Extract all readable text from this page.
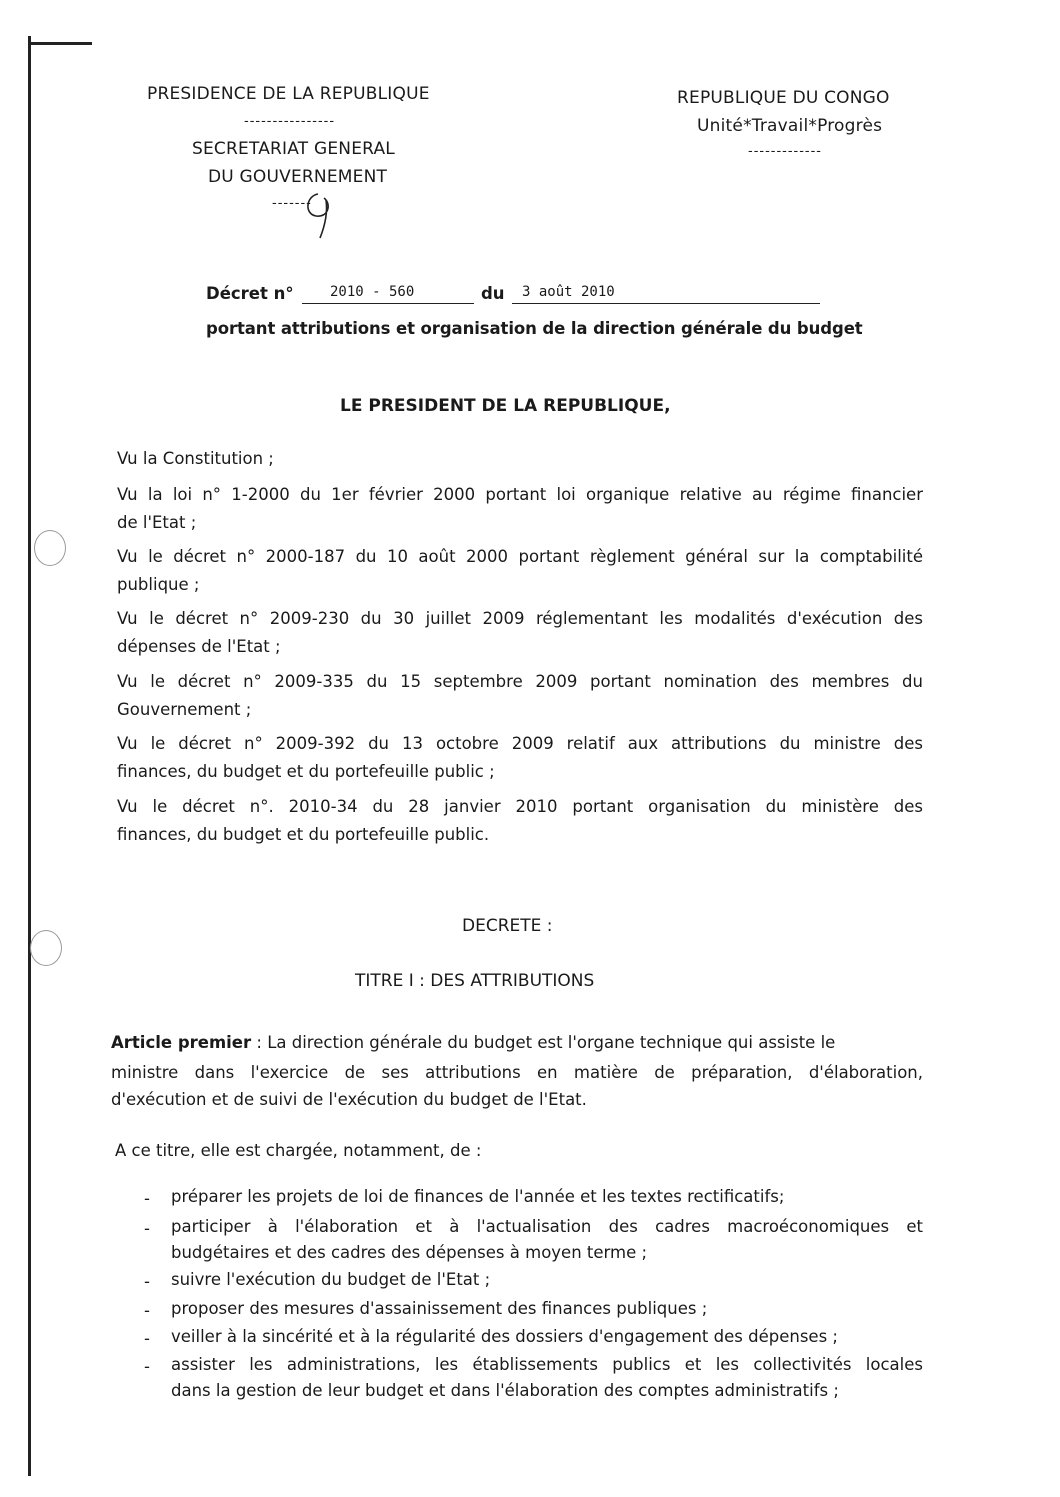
PRESIDENCE DE LA REPUBLIQUE
----------------
SECRETARIAT GENERAL
DU GOUVERNEMENT
-------
REPUBLIQUE DU CONGO
Unité*Travail*Progrès
-------------
Décret n°	2010 - 560	du 3 août 2010
portant attributions et organisation de la direction générale du budget
LE PRESIDENT DE LA REPUBLIQUE,
Vu la Constitution ;
Vu la loi n° 1-2000 du 1er février 2000 portant loi organique relative au régime financier
de l'Etat ;
Vu le décret n° 2000-187 du 10 août 2000 portant règlement général sur la comptabilité
publique ;
Vu le décret n° 2009-230 du 30 juillet 2009 réglementant les modalités d'exécution des
dépenses de l'Etat ;
Vu le décret n° 2009-335 du 15 septembre 2009 portant nomination des membres du
Gouvernement ;
Vu le décret n° 2009-392 du 13 octobre 2009 relatif aux attributions du ministre des
finances, du budget et du portefeuille public ;
Vu le décret n°. 2010-34 du 28 janvier 2010 portant organisation du ministère des
finances, du budget et du portefeuille public.
DECRETE :
TITRE I : DES ATTRIBUTIONS
Article premier : La direction générale du budget est l'organe technique qui assiste le
ministre dans l'exercice de ses attributions en matière de préparation, d'élaboration,
d'exécution et de suivi de l'exécution du budget de l'Etat.
A ce titre, elle est chargée, notamment, de :
- préparer les projets de loi de finances de l'année et les textes rectificatifs;
- participer à l'élaboration et à l'actualisation des cadres macroéconomiques et
budgétaires et des cadres des dépenses à moyen terme ;
- suivre l'exécution du budget de l'Etat ;
- proposer des mesures d'assainissement des finances publiques ;
- veiller à la sincérité et à la régularité des dossiers d'engagement des dépenses ;
- assister les administrations, les établissements publics et les collectivités locales
dans la gestion de leur budget et dans l'élaboration des comptes administratifs ;
